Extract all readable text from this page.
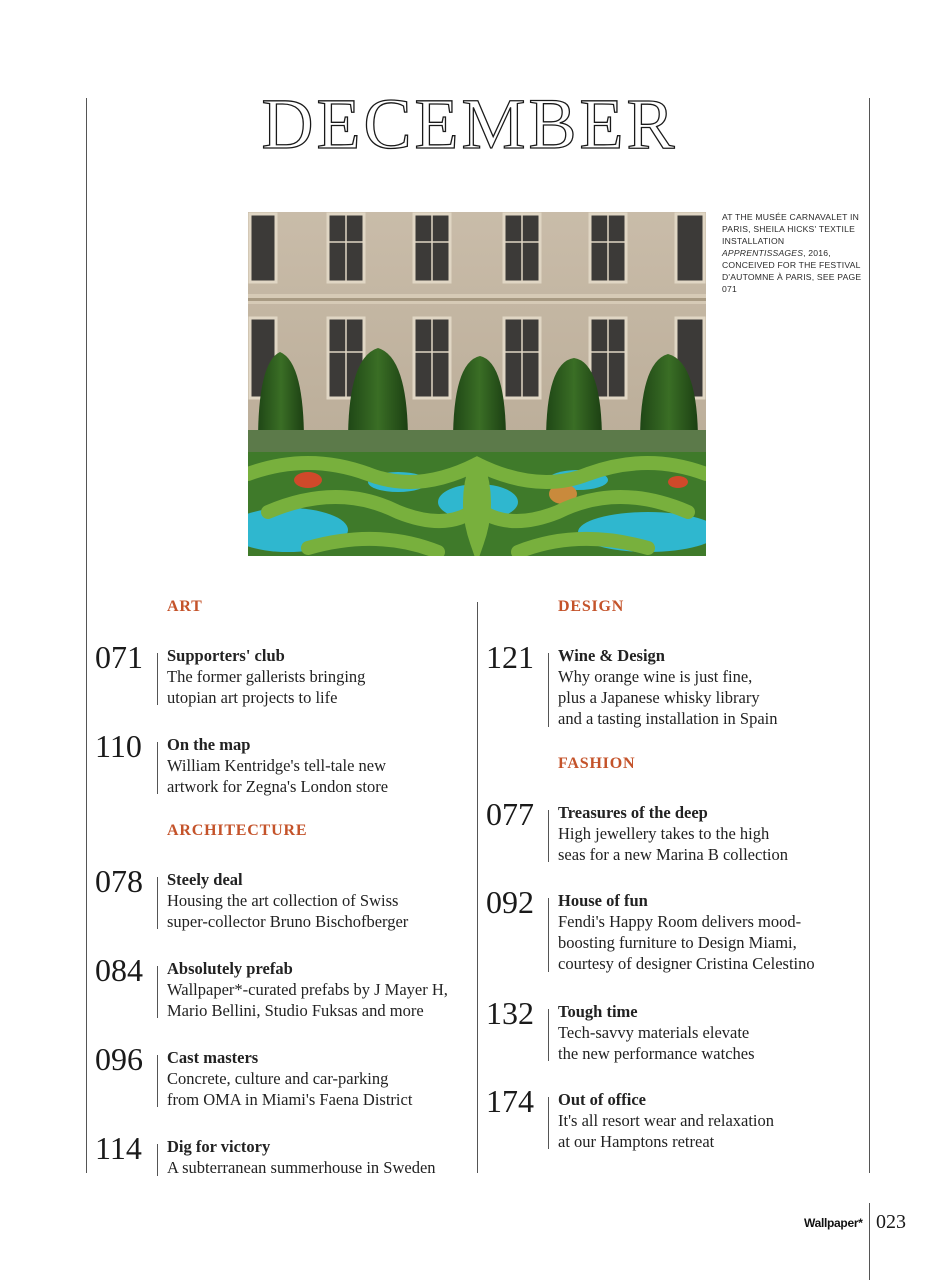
DECEMBER
AT THE MUSÉE CARNAVALET IN PARIS, SHEILA HICKS' TEXTILE INSTALLATION APPRENTISSAGES, 2016, CONCEIVED FOR THE FESTIVAL D'AUTOMNE À PARIS, SEE PAGE 071
ART
071 Supporters' club
The former gallerists bringing
utopian art projects to life
110 On the map
William Kentridge's tell-tale new
artwork for Zegna's London store
ARCHITECTURE
078 Steely deal
Housing the art collection of Swiss
super-collector Bruno Bischofberger
084 Absolutely prefab
Wallpaper*-curated prefabs by J Mayer H,
Mario Bellini, Studio Fuksas and more
096 Cast masters
Concrete, culture and car-parking
from OMA in Miami's Faena District
114 Dig for victory
A subterranean summerhouse in Sweden
DESIGN
121 Wine & Design
Why orange wine is just fine,
plus a Japanese whisky library
and a tasting installation in Spain
FASHION
077 Treasures of the deep
High jewellery takes to the high
seas for a new Marina B collection
092 House of fun
Fendi's Happy Room delivers mood-
boosting furniture to Design Miami,
courtesy of designer Cristina Celestino
132 Tough time
Tech-savvy materials elevate
the new performance watches
174 Out of office
It's all resort wear and relaxation
at our Hamptons retreat
Wallpaper* 023
